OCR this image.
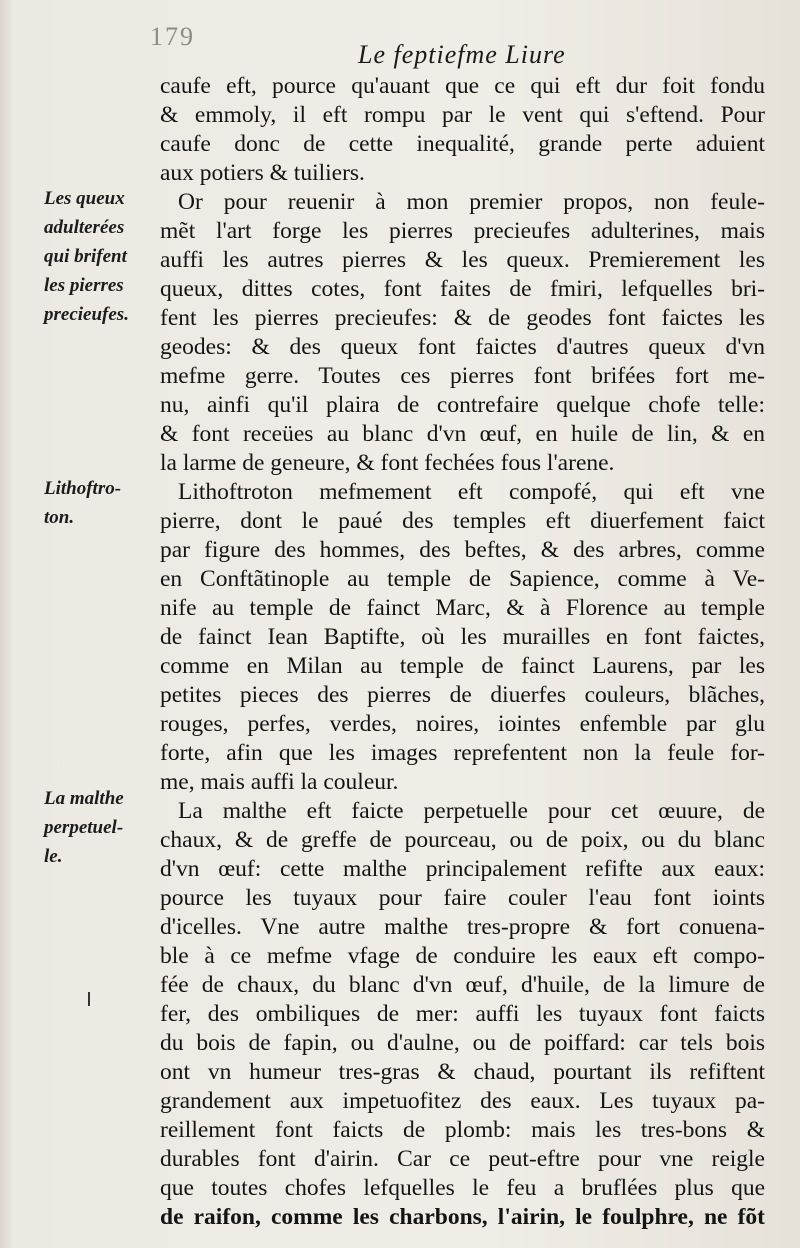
179
Le feptiefme Liure
Les queux
adulterées
qui brifent
les pierres
precieufes.
Lithoftro-
ton.
La malthe
perpetuel-
le.
caufe eft, pource qu'auant que ce qui eft dur foit fondu
& emmoly, il eft rompu par le vent qui s'eftend. Pour
caufe donc de cette inequalité, grande perte aduient
aux potiers & tuiliers.
Or pour reuenir à mon premier propos, non feule-
mẽt l'art forge les pierres precieufes adulterines, mais
auffi les autres pierres & les queux. Premierement les
queux, dittes cotes, font faites de fmiri, lefquelles bri-
fent les pierres precieufes: & de geodes font faictes les
geodes: & des queux font faictes d'autres queux d'vn
mefme gerre. Toutes ces pierres font brifées fort me-
nu, ainfi qu'il plaira de contrefaire quelque chofe telle:
& font receües au blanc d'vn œuf, en huile de lin, & en
la larme de geneure, & font fechées fous l'arene.
Lithoftroton mefmement eft compofé, qui eft vne
pierre, dont le paué des temples eft diuerfement faict
par figure des hommes, des beftes, & des arbres, comme
en Conftãtinople au temple de Sapience, comme à Ve-
nife au temple de fainct Marc, & à Florence au temple
de fainct Iean Baptifte, où les murailles en font faictes,
comme en Milan au temple de fainct Laurens, par les
petites pieces des pierres de diuerfes couleurs, blãches,
rouges, perfes, verdes, noires, iointes enfemble par glu
forte, afin que les images reprefentent non la feule for-
me, mais auffi la couleur.
La malthe eft faicte perpetuelle pour cet œuure, de
chaux, & de greffe de pourceau, ou de poix, ou du blanc
d'vn œuf: cette malthe principalement refifte aux eaux:
pource les tuyaux pour faire couler l'eau font ioints
d'icelles. Vne autre malthe tres-propre & fort conuena-
ble à ce mefme vfage de conduire les eaux eft compo-
fée de chaux, du blanc d'vn œuf, d'huile, de la limure de
fer, des ombiliques de mer: auffi les tuyaux font faicts
du bois de fapin, ou d'aulne, ou de poiffard: car tels bois
ont vn humeur tres-gras & chaud, pourtant ils refiftent
grandement aux impetuofitez des eaux. Les tuyaux pa-
reillement font faicts de plomb: mais les tres-bons &
durables font d'airin. Car ce peut-eftre pour vne reigle
que toutes chofes lefquelles le feu a bruflées plus que
de raifon, comme les charbons, l'airin, le foulphre, ne fõt
